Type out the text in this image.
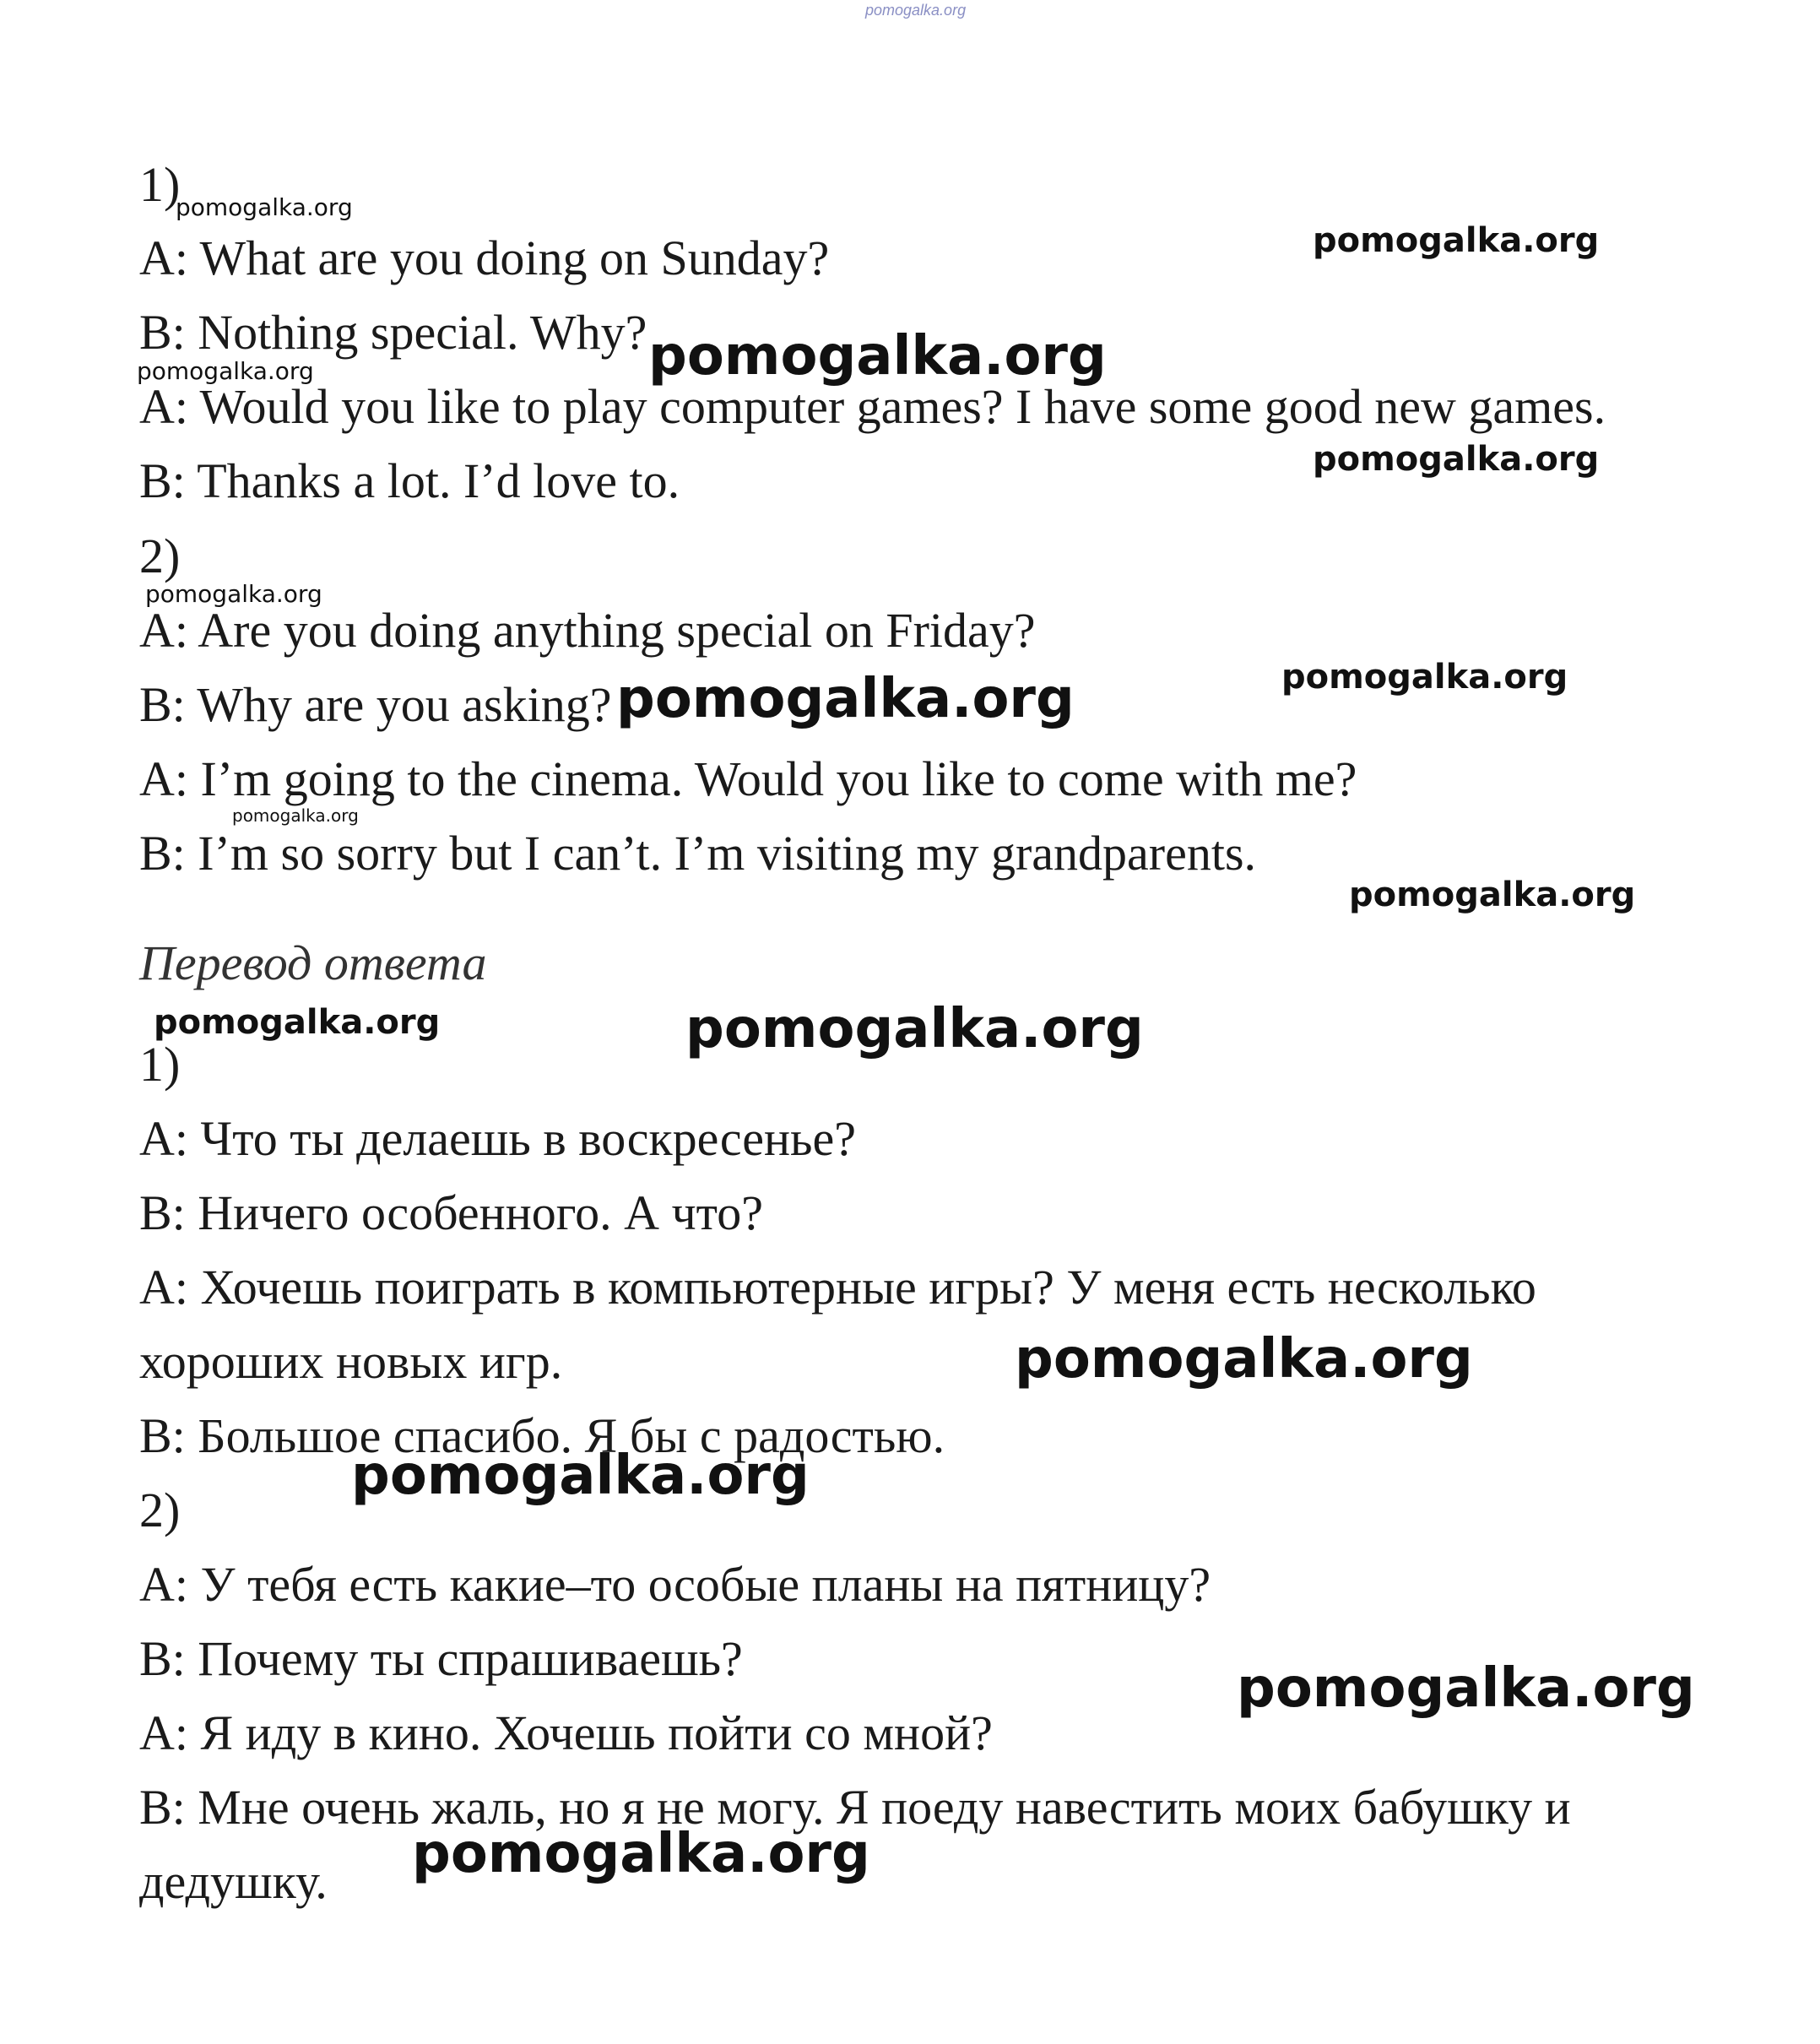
pomogalka.org
1)
A: What are you doing on Sunday?
B: Nothing special. Why?
A: Would you like to play computer games? I have some good new games.
B: Thanks a lot. I’d love to.
2)
A: Are you doing anything special on Friday?
B: Why are you asking?
A: I’m going to the cinema. Would you like to come with me?
B: I’m so sorry but I can’t. I’m visiting my grandparents.
Перевод ответа
1)
A: Что ты делаешь в воскресенье?
B: Ничего особенного. А что?
A: Хочешь поиграть в компьютерные игры? У меня есть несколько
хороших новых игр.
B: Большое спасибо. Я бы с радостью.
2)
A: У тебя есть какие–то особые планы на пятницу?
B: Почему ты спрашиваешь?
A: Я иду в кино. Хочешь пойти со мной?
B: Мне очень жаль, но я не могу. Я поеду навестить моих бабушку и
дедушку.
pomogalka.org
pomogalka.org
pomogalka.org
pomogalka.org
pomogalka.org
pomogalka.org
pomogalka.org
pomogalka.org
pomogalka.org
pomogalka.org
pomogalka.org	pomogalka.org
pomogalka.org
pomogalka.org
pomogalka.org
pomogalka.org
